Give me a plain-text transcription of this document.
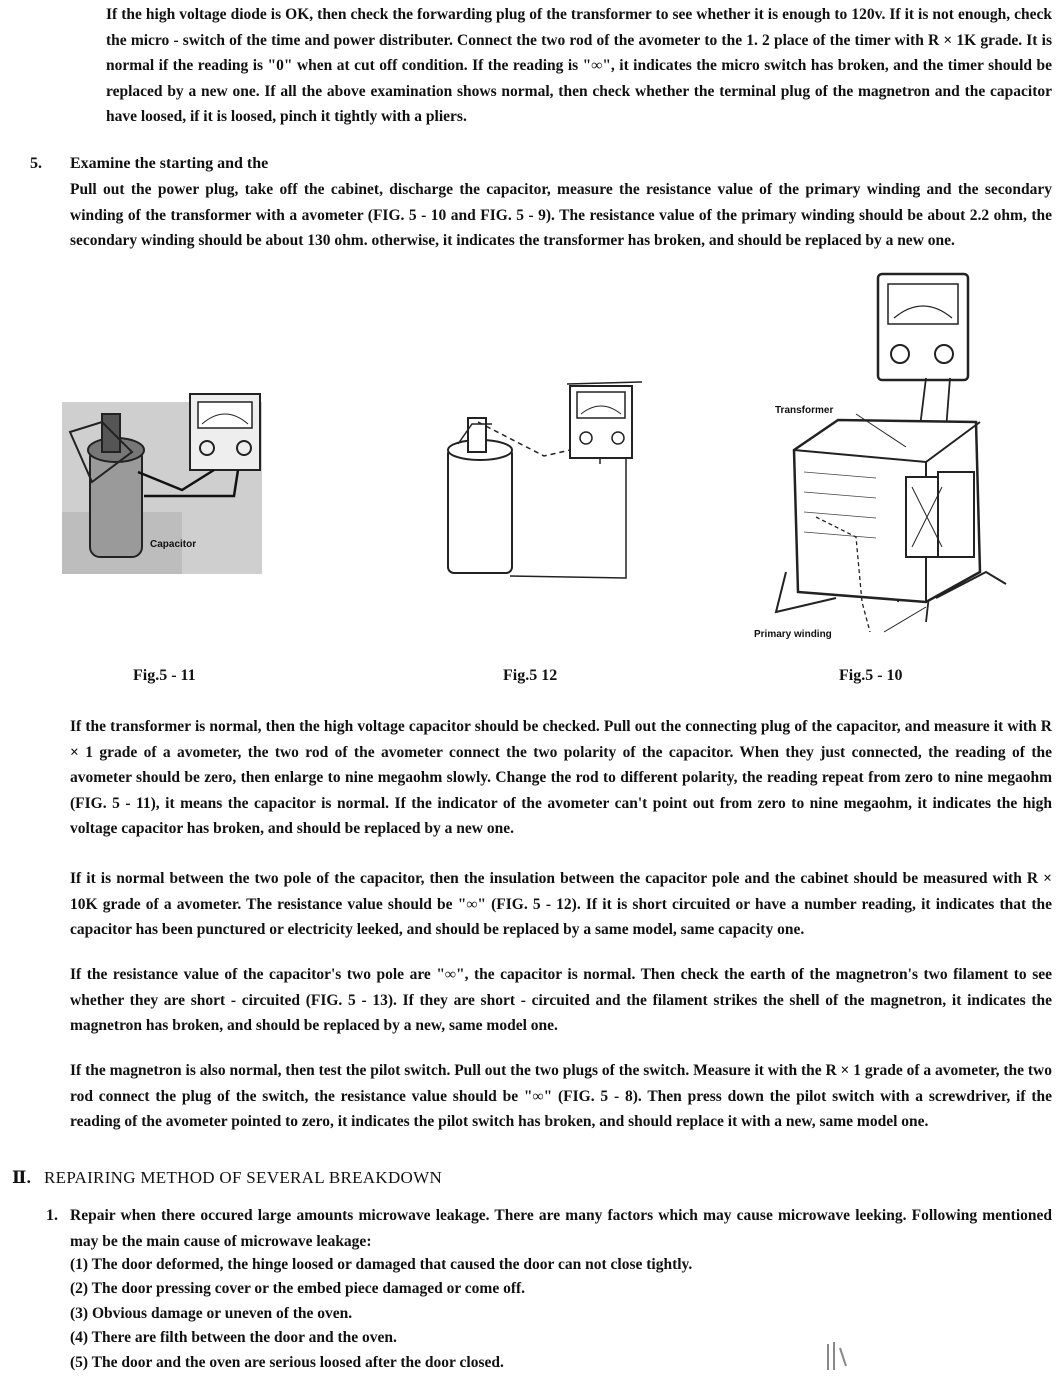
If the high voltage diode is OK, then check the forwarding plug of the transformer to see whether it is enough to 120v. If it is not enough, check the micro - switch of the time and power distributer. Connect the two rod of the avometer to the 1. 2 place of the timer with R × 1K grade. It is normal if the reading is "0" when at cut off condition. If the reading is "∞", it indicates the micro switch has broken, and the timer should be replaced by a new one. If all the above examination shows normal, then check whether the terminal plug of the magnetron and the capacitor have loosed, if it is loosed, pinch it tightly with a pliers.

5. Examine the starting and the

Pull out the power plug, take off the cabinet, discharge the capacitor, measure the resistance value of the primary winding and the secondary winding of the transformer with a avometer (FIG. 5 - 10 and FIG. 5 - 9). The resistance value of the primary winding should be about 2.2 ohm, the secondary winding should be about 130 ohm. otherwise, it indicates the transformer has broken, and should be replaced by a new one.

Capacitor
Fig.5 - 11	Fig.5 12
Transformer
Primary winding
Fig.5 - 10

If the transformer is normal, then the high voltage capacitor should be checked. Pull out the connecting plug of the capacitor, and measure it with R × 1 grade of a avometer, the two rod of the avometer connect the two polarity of the capacitor. When they just connected, the reading of the avometer should be zero, then enlarge to nine megaohm slowly. Change the rod to different polarity, the reading repeat from zero to nine megaohm (FIG. 5 - 11), it means the capacitor is normal. If the indicator of the avometer can't point out from zero to nine megaohm, it indicates the high voltage capacitor has broken, and should be replaced by a new one.

If it is normal between the two pole of the capacitor, then the insulation between the capacitor pole and the cabinet should be measured with R × 10K grade of a avometer. The resistance value should be "∞" (FIG. 5 - 12). If it is short circuited or have a number reading, it indicates that the capacitor has been punctured or electricity leeked, and should be replaced by a same model, same capacity one.

If the resistance value of the capacitor's two pole are "∞", the capacitor is normal. Then check the earth of the magnetron's two filament to see whether they are short - circuited (FIG. 5 - 13). If they are short - circuited and the filament strikes the shell of the magnetron, it indicates the magnetron has broken, and should be replaced by a new, same model one.

If the magnetron is also normal, then test the pilot switch. Pull out the two plugs of the switch. Measure it with the R × 1 grade of a avometer, the two rod connect the plug of the switch, the resistance value should be "∞" (FIG. 5 - 8). Then press down the pilot switch with a screwdriver, if the reading of the avometer pointed to zero, it indicates the pilot switch has broken, and should replace it with a new, same model one.

Ⅱ. REPAIRING METHOD OF SEVERAL BREAKDOWN
1. Repair when there occured large amounts microwave leakage. There are many factors which may cause microwave leeking. Following mentioned may be the main cause of microwave leakage:

(1) The door deformed, the hinge loosed or damaged that caused the door can not close tightly.
(2) The door pressing cover or the embed piece damaged or come off.
(3) Obvious damage or uneven of the oven.
(4) There are filth between the door and the oven.
(5) The door and the oven are serious loosed after the door closed.
